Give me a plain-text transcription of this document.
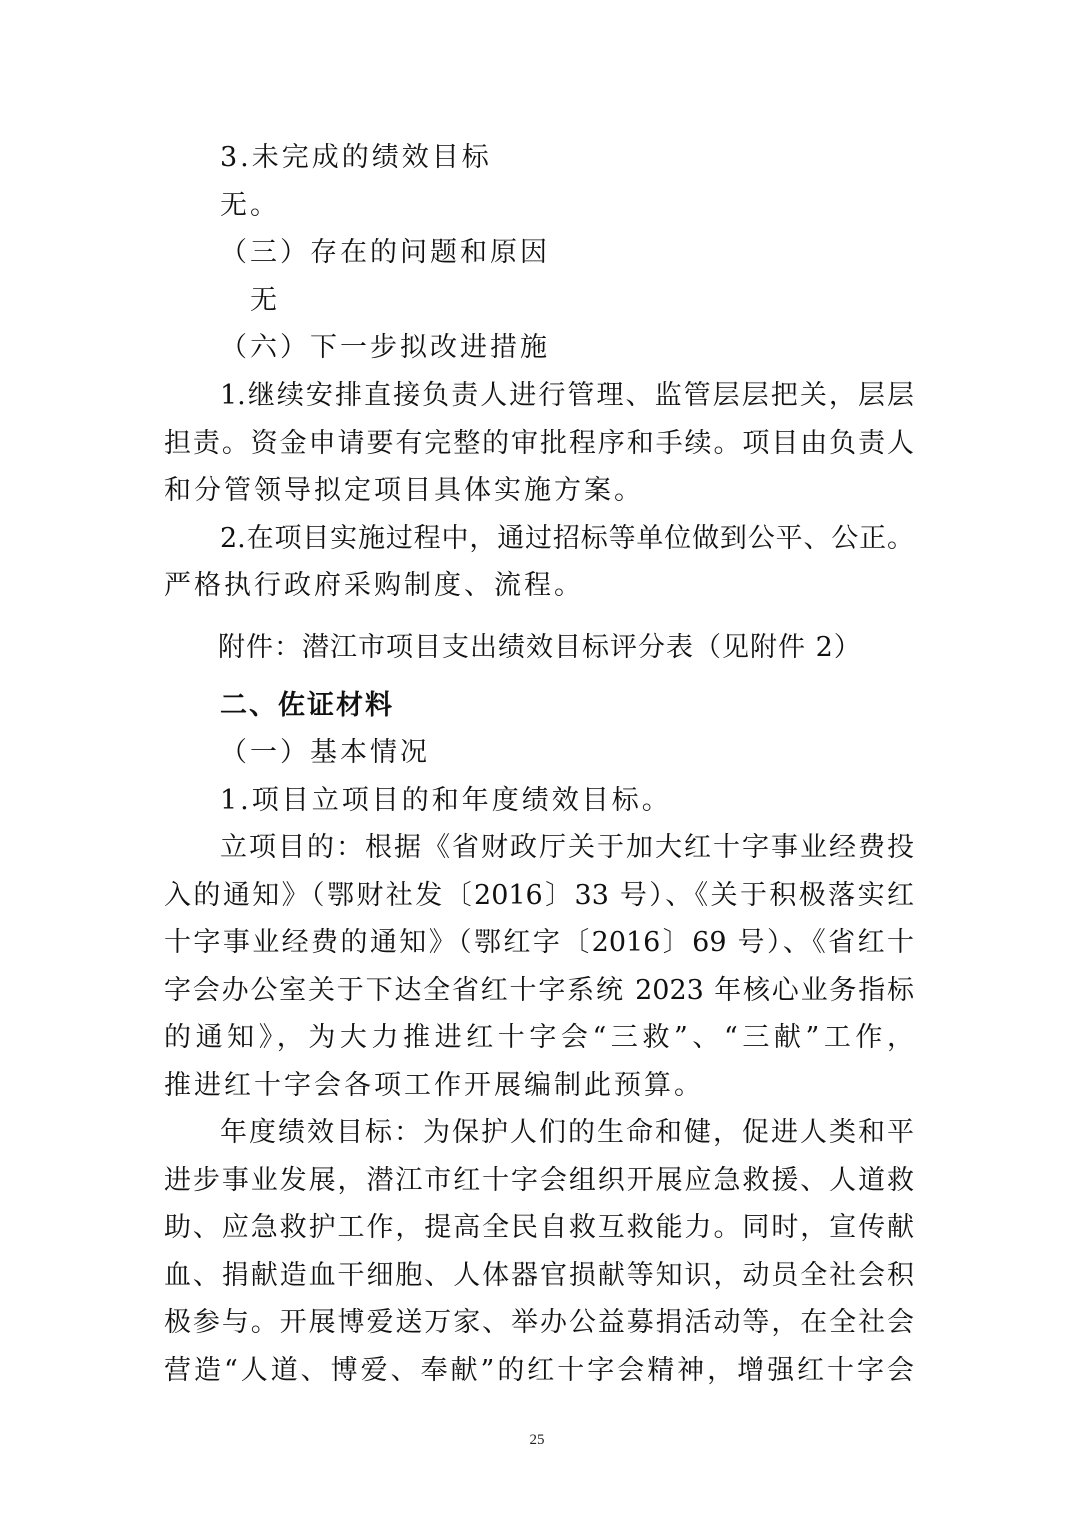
3.未完成的绩效目标
无。
（三）存在的问题和原因
无
（六）下一步拟改进措施
1.继续安排直接负责人进行管理、监管层层把关，层层
担责。资金申请要有完整的审批程序和手续。项目由负责人
和分管领导拟定项目具体实施方案。
2.在项目实施过程中，通过招标等单位做到公平、公正。
严格执行政府采购制度、流程。
附件：潜江市项目支出绩效目标评分表（见附件 2）
二、佐证材料
（一）基本情况
1.项目立项目的和年度绩效目标。
立项目的：根据《省财政厅关于加大红十字事业经费投
入的通知》（鄂财社发〔2016〕33 号）、《关于积极落实红
十字事业经费的通知》（鄂红字〔2016〕69 号）、《省红十
字会办公室关于下达全省红十字系统 2023 年核心业务指标
的通知》，为大力推进红十字会“三救”、“三献”工作，
推进红十字会各项工作开展编制此预算。
年度绩效目标：为保护人们的生命和健，促进人类和平
进步事业发展，潜江市红十字会组织开展应急救援、人道救
助、应急救护工作，提高全民自救互救能力。同时，宣传献
血、捐献造血干细胞、人体器官损献等知识，动员全社会积
极参与。开展博爱送万家、举办公益募捐活动等，在全社会
营造“人道、博爱、奉献”的红十字会精神，增强红十字会
25
